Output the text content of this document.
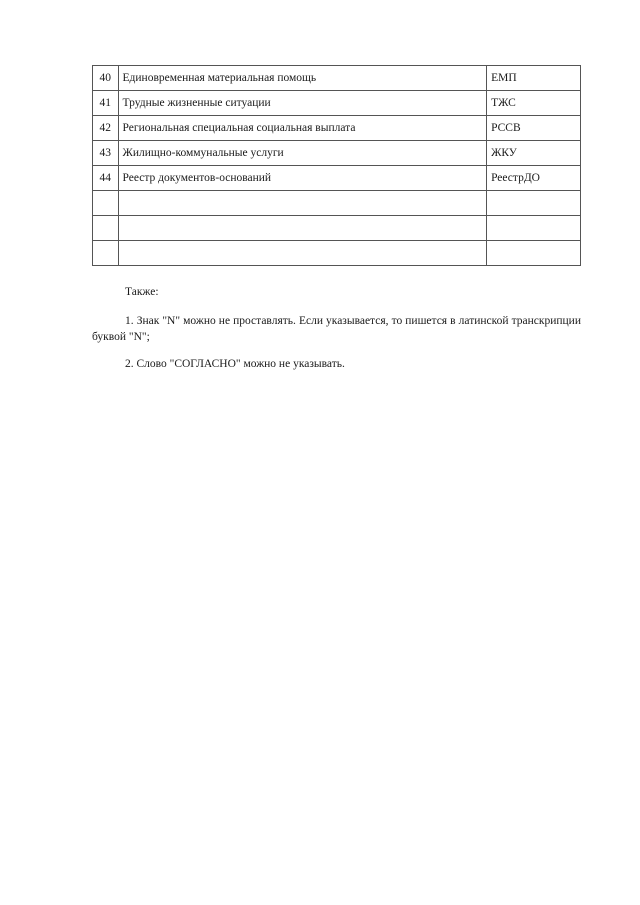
40	Единовременная материальная помощь	ЕМП
41	Трудные жизненные ситуации	ТЖС
42	Региональная специальная социальная выплата	РССВ
43	Жилищно-коммунальные услуги	ЖКУ
44	Реестр документов-оснований	РеестрДО

Также:
1. Знак "N" можно не проставлять. Если указывается, то пишется в латинской транскрипции буквой "N";
2. Слово "СОГЛАСНО" можно не указывать.
